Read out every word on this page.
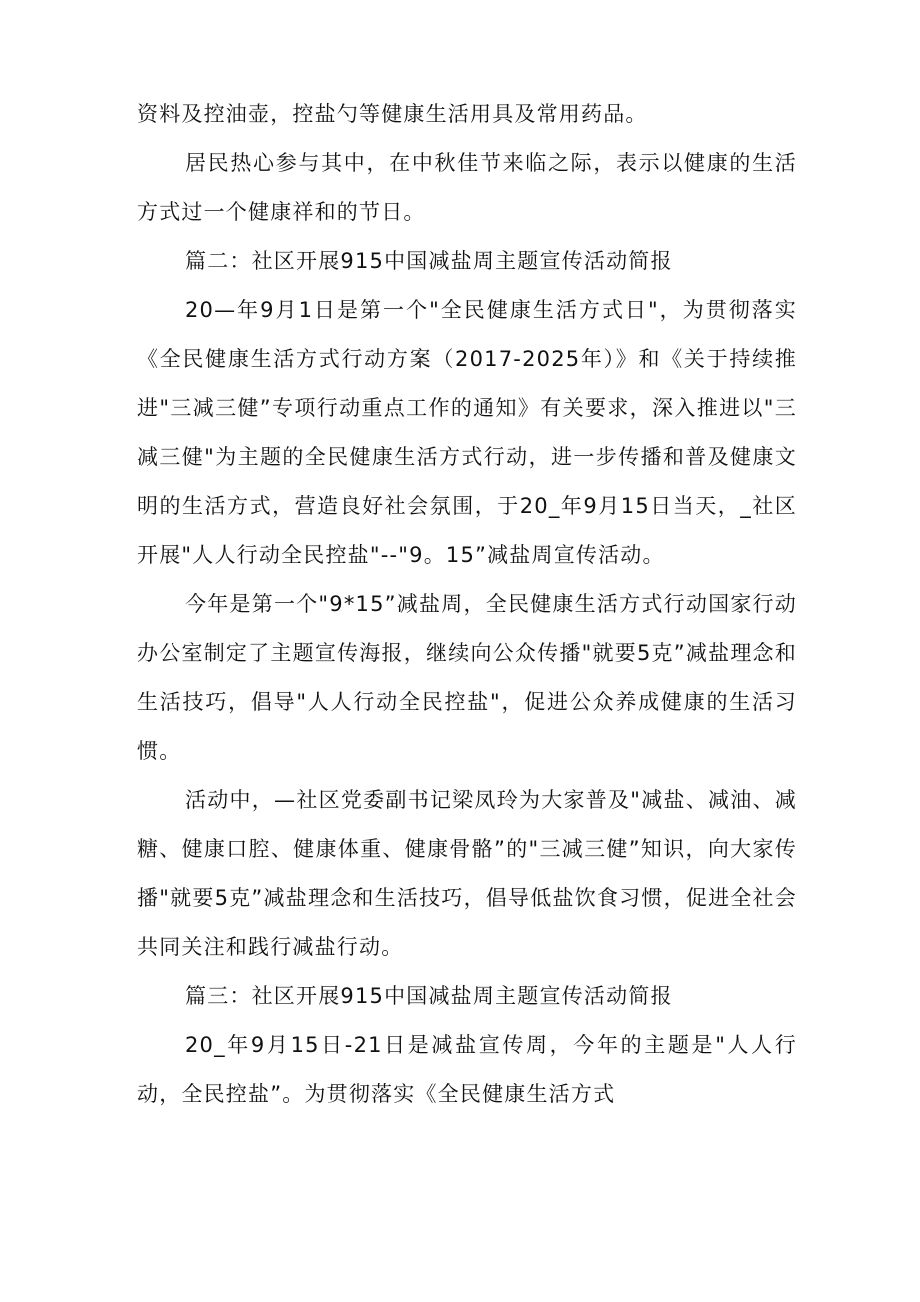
资料及控油壶，控盐勺等健康生活用具及常用药品。

居民热心参与其中，在中秋佳节来临之际，表示以健康的生活方式过一个健康祥和的节日。

篇二：社区开展915中国减盐周主题宣传活动简报

20—年9月1日是第一个"全民健康生活方式日"，为贯彻落实《全民健康生活方式行动方案（2017-2025年）》和《关于持续推进"三减三健”专项行动重点工作的通知》有关要求，深入推进以"三减三健"为主题的全民健康生活方式行动，进一步传播和普及健康文明的生活方式，营造良好社会氛围，于20_年9月15日当天，_社区开展"人人行动全民控盐"--"9。15”减盐周宣传活动。

今年是第一个"9*15”减盐周，全民健康生活方式行动国家行动办公室制定了主题宣传海报，继续向公众传播"就要5克”减盐理念和生活技巧，倡导"人人行动全民控盐"，促进公众养成健康的生活习惯。

活动中，—社区党委副书记梁凤玲为大家普及"减盐、减油、减糖、健康口腔、健康体重、健康骨骼”的"三减三健”知识，向大家传播"就要5克”减盐理念和生活技巧，倡导低盐饮食习惯，促进全社会共同关注和践行减盐行动。

篇三：社区开展915中国减盐周主题宣传活动简报

20_年9月15日-21日是减盐宣传周，今年的主题是"人人行动，全民控盐”。为贯彻落实《全民健康生活方式
